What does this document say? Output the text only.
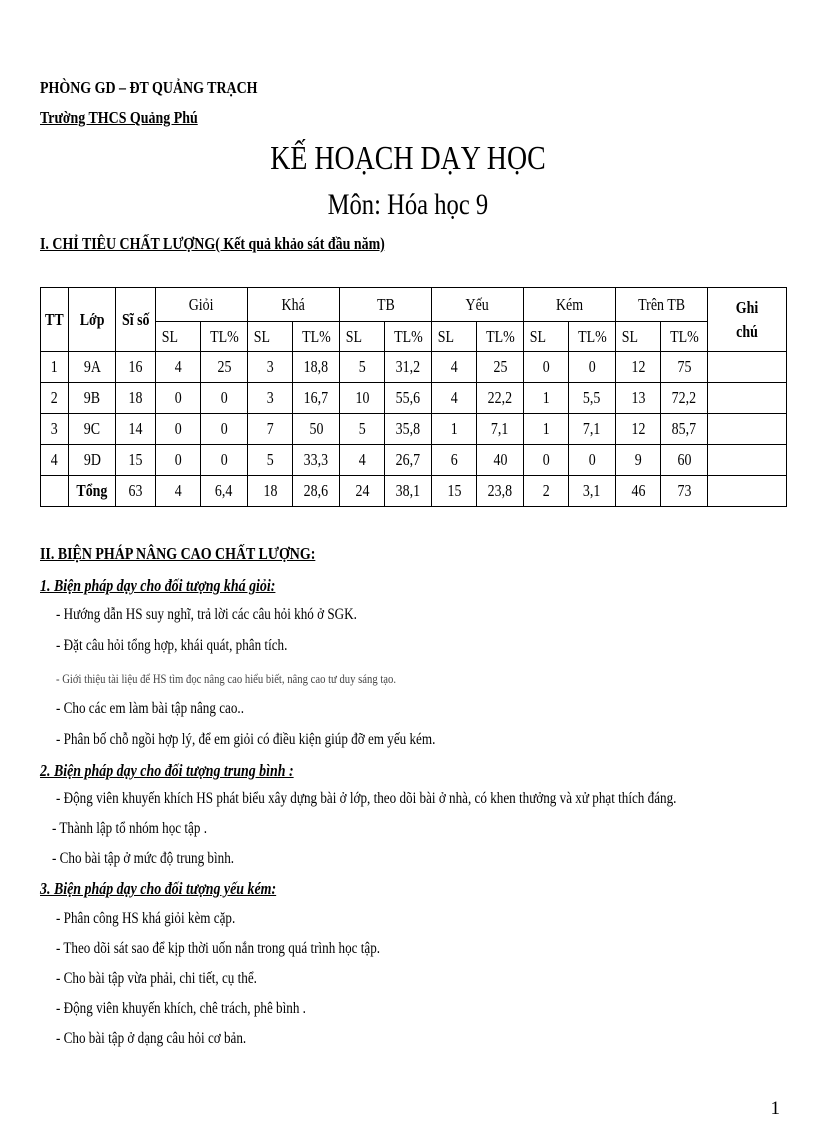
PHÒNG GD – ĐT QUẢNG TRẠCH
Trường THCS Quảng Phú
KẾ HOẠCH DẠY HỌC
Môn: Hóa học 9
I. CHỈ TIÊU CHẤT LƯỢNG( Kết quả khảo sát đầu năm)
TT	Lớp	Sĩ số	Giỏi		Khá		TB		Yếu		Kém		Trên TB		Ghi chú
			SL	TL%	SL	TL%	SL	TL%	SL	TL%	SL	TL%	SL	TL%	
1	9A	16	4	25	3	18,8	5	31,2	4	25	0	0	12	75	
2	9B	18	0	0	3	16,7	10	55,6	4	22,2	1	5,5	13	72,2	
3	9C	14	0	0	7	50	5	35,8	1	7,1	1	7,1	12	85,7	
4	9D	15	0	0	5	33,3	4	26,7	6	40	0	0	9	60	
	Tổng	63	4	6,4	18	28,6	24	38,1	15	23,8	2	3,1	46	73	
II. BIỆN PHÁP NÂNG CAO CHẤT LƯỢNG:
1. Biện pháp dạy cho đối tượng khá giỏi:
- Hướng dẫn HS suy nghĩ, trả lời các câu hỏi khó ở SGK.
- Đặt câu hỏi tổng hợp, khái quát, phân tích.
- Giới thiệu tài liệu để HS tìm đọc nâng cao hiểu biết, nâng cao tư duy sáng tạo.
- Cho các em làm bài tập nâng cao..
- Phân bố chỗ ngồi hợp lý, để em giỏi có điều kiện giúp đỡ em yếu kém.
2. Biện pháp dạy cho đối tượng trung bình :
- Động viên khuyến khích HS phát biểu xây dựng bài ở lớp, theo dõi bài ở nhà, có khen thưởng và xử phạt thích đáng.
- Thành lập tổ nhóm học tập .
- Cho bài tập ở mức độ trung bình.
3. Biện pháp dạy cho đối tượng yếu kém:
- Phân công HS khá giỏi kèm cặp.
- Theo dõi sát sao để kịp thời uốn nắn trong quá trình học tập.
- Cho bài tập vừa phải, chi tiết, cụ thể.
- Động viên khuyến khích, chê trách, phê bình .
- Cho bài tập ở dạng câu hỏi cơ bản.
1
